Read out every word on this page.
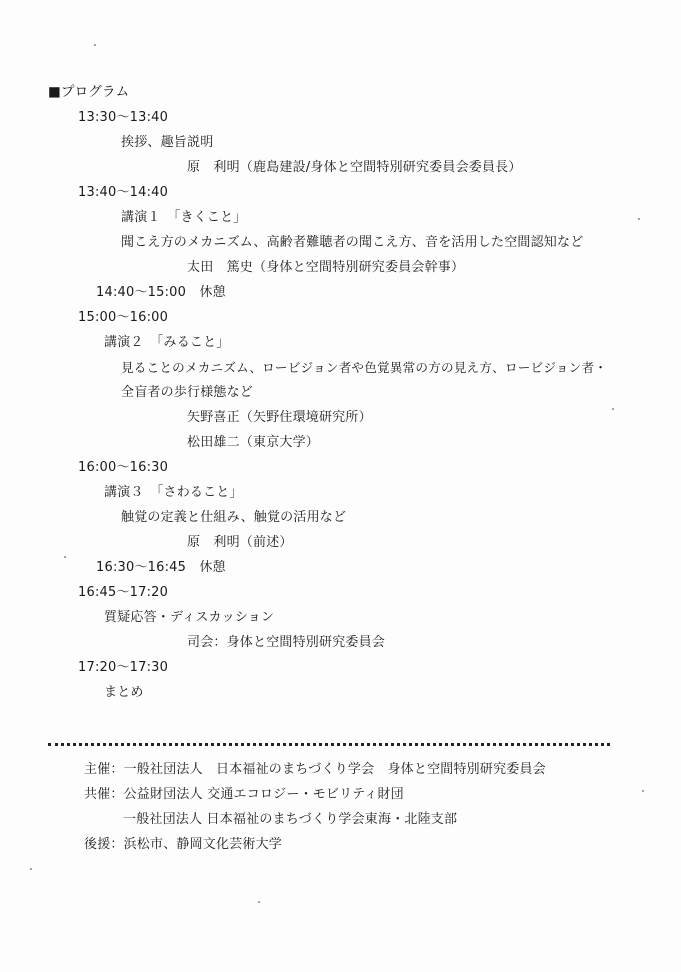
■プログラム
13:30〜13:40
挨拶、趣旨説明
原　利明（鹿島建設/身体と空間特別研究委員会委員長）
13:40〜14:40
講演１　「きくこと」
聞こえ方のメカニズム、高齢者難聴者の聞こえ方、音を活用した空間認知など
太田　篤史（身体と空間特別研究委員会幹事）
14:40〜15:00　休憩
15:00〜16:00
講演２　「みること」
見ることのメカニズム、ロービジョン者や色覚異常の方の見え方、ロービジョン者・
全盲者の歩行様態など
矢野喜正（矢野住環境研究所）
松田雄二（東京大学）
16:00〜16:30
講演３　「さわること」
触覚の定義と仕組み、触覚の活用など
原　利明（前述）
16:30〜16:45　休憩
16:45〜17:20
質疑応答・ディスカッション
司会：身体と空間特別研究委員会
17:20〜17:30
まとめ
主催：一般社団法人　日本福祉のまちづくり学会　身体と空間特別研究委員会
共催：公益財団法人 交通エコロジー・モビリティ財団
一般社団法人 日本福祉のまちづくり学会東海・北陸支部
後援：浜松市、静岡文化芸術大学
